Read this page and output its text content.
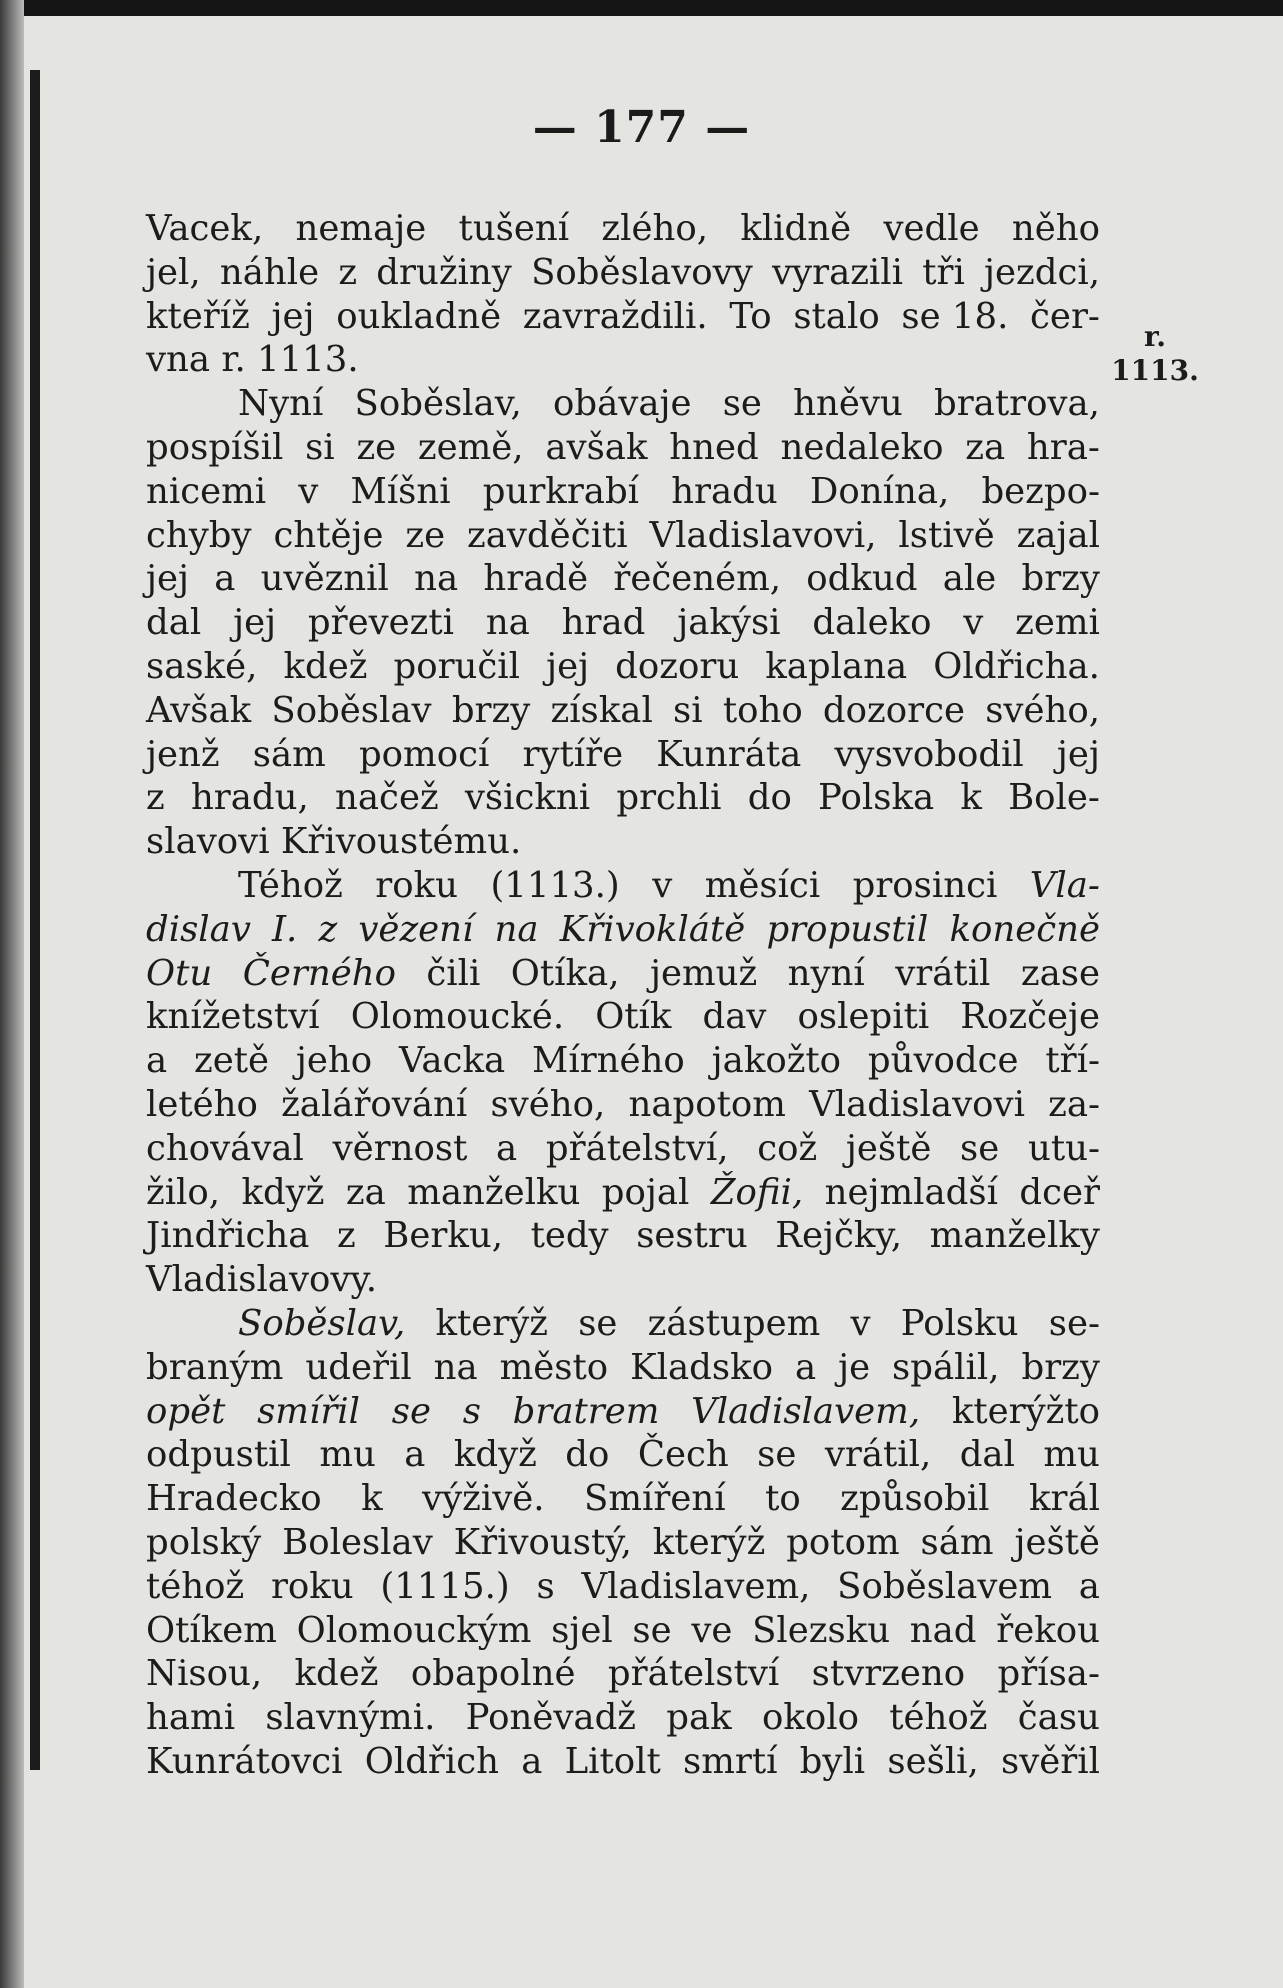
— 177 —
r.
1113.
Vacek, nemaje tušení zlého, klidně vedle něho
jel, náhle z družiny Soběslavovy vyrazili tři jezdci,
kteříž jej oukladně zavraždili. To stalo se 18. čer-
vna r. 1113.
Nyní Soběslav, obávaje se hněvu bratrova,
pospíšil si ze země, avšak hned nedaleko za hra-
nicemi v Míšni purkrabí hradu Donína, bezpo-
chyby chtěje ze zavděčiti Vladislavovi, lstivě zajal
jej a uvěznil na hradě řečeném, odkud ale brzy
dal jej převezti na hrad jakýsi daleko v zemi
saské, kdež poručil jej dozoru kaplana Oldřicha.
Avšak Soběslav brzy získal si toho dozorce svého,
jenž sám pomocí rytíře Kunráta vysvobodil jej
z hradu, načež všickni prchli do Polska k Bole-
slavovi Křivoustému.
Téhož roku (1113.) v měsíci prosinci Vla-
dislav I. z vězení na Křivoklátě propustil konečně
Otu Černého čili Otíka, jemuž nyní vrátil zase
knížetství Olomoucké. Otík dav oslepiti Rozčeje
a zetě jeho Vacka Mírného jakožto původce tří-
letého žalářování svého, napotom Vladislavovi za-
chovával věrnost a přátelství, což ještě se utu-
žilo, když za manželku pojal Žofii, nejmladší dceř
Jindřicha z Berku, tedy sestru Rejčky, manželky
Vladislavovy.
Soběslav, kterýž se zástupem v Polsku se-
braným udeřil na město Kladsko a je spálil, brzy
opět smířil se s bratrem Vladislavem, kterýžto
odpustil mu a když do Čech se vrátil, dal mu
Hradecko k výživě. Smíření to způsobil král
polský Boleslav Křivoustý, kterýž potom sám ještě
téhož roku (1115.) s Vladislavem, Soběslavem a
Otíkem Olomouckým sjel se ve Slezsku nad řekou
Nisou, kdež obapolné přátelství stvrzeno přísa-
hami slavnými. Poněvadž pak okolo téhož času
Kunrátovci Oldřich a Litolt smrtí byli sešli, svěřil
